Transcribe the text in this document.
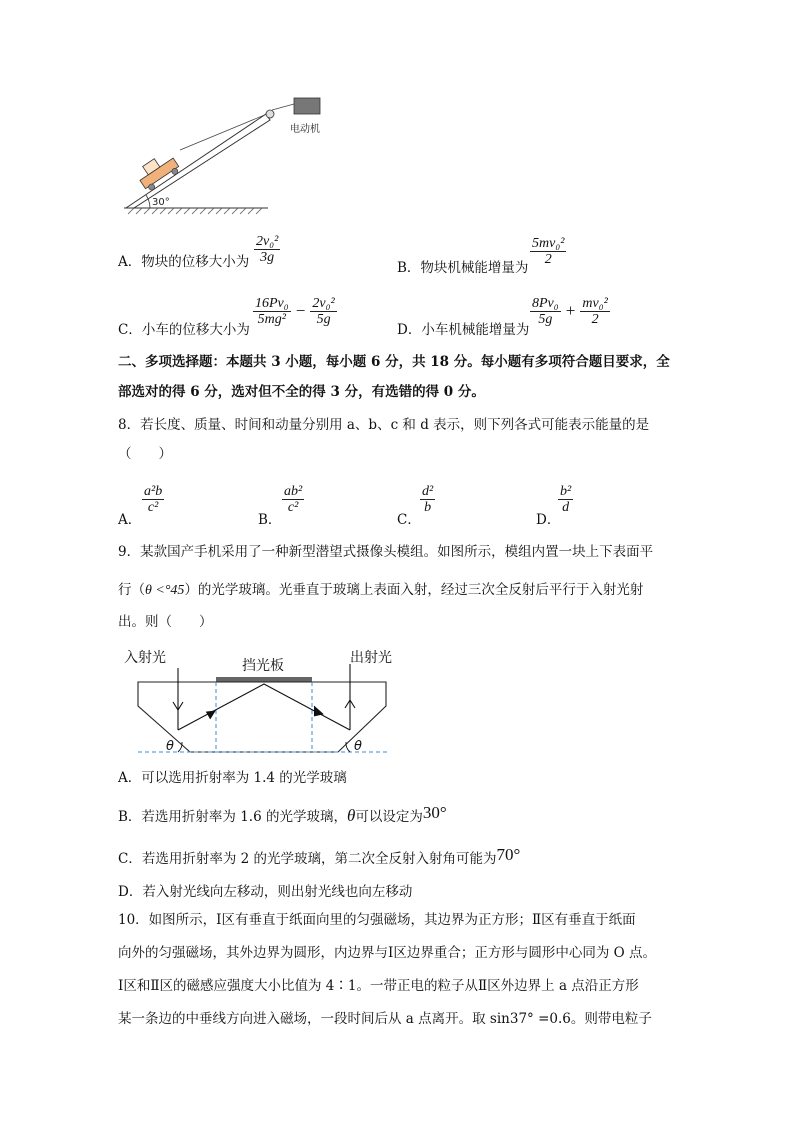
30°
电动机
A．物块的位移大小为
2v₀²
3g
B．物块机械能增量为
5mv₀²
2
C．小车的位移大小为
$\frac{\text{16Pv₀}}{\text{5mg²}} - \frac{\text{2v₀²}}{5g}$
D．小车机械能增量为
$\frac{\text{8Pv₀}}{5g} + \frac{\text{mv₀²}}{2}$
二、多项选择题：本题共 3 小题，每小题 6 分，共 18 分。每小题有多项符合题目要求，全
部选对的得 6 分，选对但不全的得 3 分，有选错的得 0 分。
8．若长度、质量、时间和动量分别用 a、b、c 和 d 表示，则下列各式可能表示能量的是
（　　）
A．
a²b
c²
B．
ab²
c²
C．
d²
b
D．
b²
d
9．某款国产手机采用了一种新型潜望式摄像头模组。如图所示，模组内置一块上下表面平
行（θ <°45）的光学玻璃。光垂直于玻璃上表面入射，经过三次全反射后平行于入射光射
出。则（　　）
入射光	出射光
挡光板
θ	θ
A．可以选用折射率为 1.4 的光学玻璃
B．若选用折射率为 1.6 的光学玻璃，θ可以设定为30°
C．若选用折射率为 2 的光学玻璃，第二次全反射入射角可能为70°
D．若入射光线向左移动，则出射光线也向左移动
10．如图所示，Ⅰ区有垂直于纸面向里的匀强磁场，其边界为正方形；Ⅱ区有垂直于纸面
向外的匀强磁场，其外边界为圆形，内边界与Ⅰ区边界重合；正方形与圆形中心同为 O 点。
Ⅰ区和Ⅱ区的磁感应强度大小比值为 4∶1。一带正电的粒子从Ⅱ区外边界上 a 点沿正方形
某一条边的中垂线方向进入磁场，一段时间后从 a 点离开。取 sin37° =0.6。则带电粒子
